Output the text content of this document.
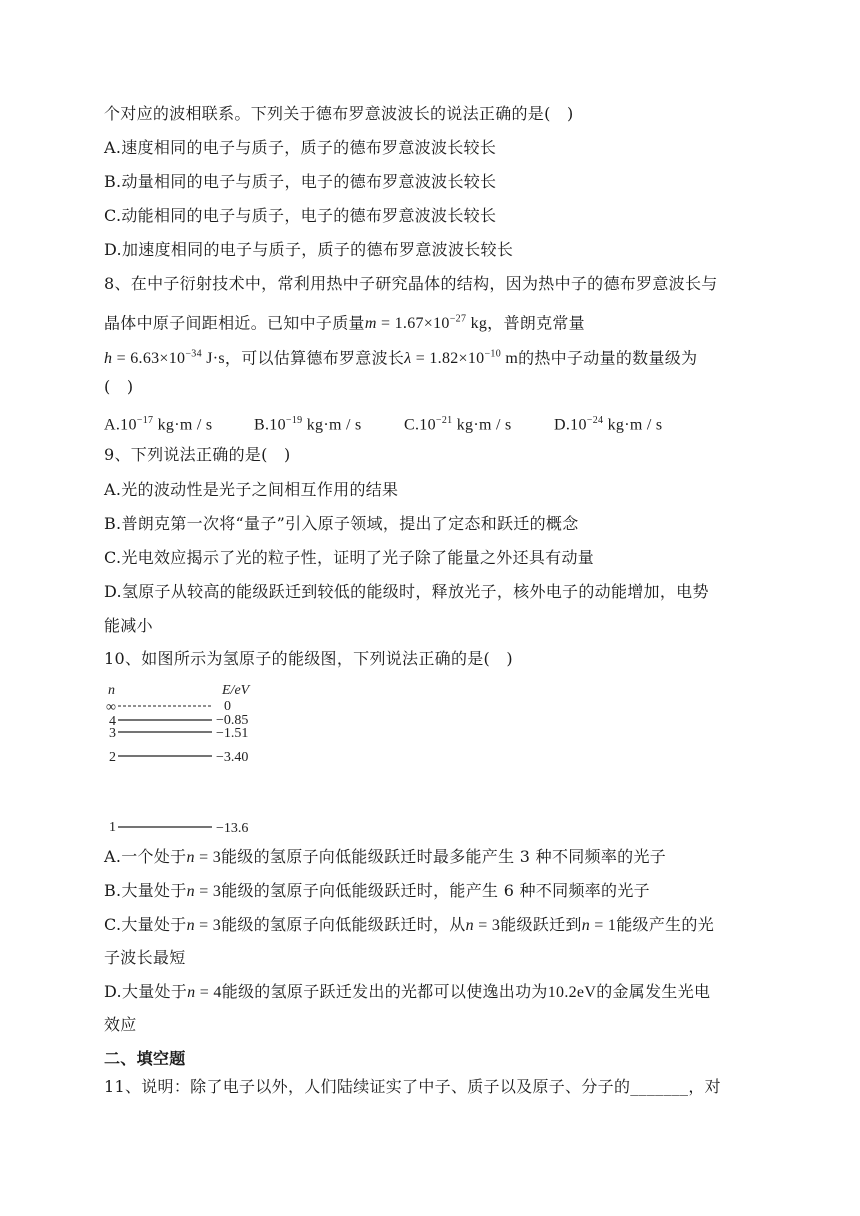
个对应的波相联系。下列关于德布罗意波波长的说法正确的是(　)
A.速度相同的电子与质子，质子的德布罗意波波长较长
B.动量相同的电子与质子，电子的德布罗意波波长较长
C.动能相同的电子与质子，电子的德布罗意波波长较长
D.加速度相同的电子与质子，质子的德布罗意波波长较长
8、在中子衍射技术中，常利用热中子研究晶体的结构，因为热中子的德布罗意波长与
晶体中原子间距相近。已知中子质量$m = 1.67\times 10^{-27}$ kg，普朗克常量
$h = 6.63\times 10^{-34}$ J·s，可以估算德布罗意波长$\lambda = 1.82\times 10^{-10}$ m的热中子动量的数量级为
(　)
$A.10^{-17}$ kg·m / s	$B.10^{-19}$ kg·m / s	$C.10^{-21}$ kg·m / s	$D.10^{-24}$ kg·m / s
9、下列说法正确的是(　)
A.光的波动性是光子之间相互作用的结果
B.普朗克第一次将“量子”引入原子领域，提出了定态和跃迁的概念
C.光电效应揭示了光的粒子性，证明了光子除了能量之外还具有动量
D.氢原子从较高的能级跃迁到较低的能级时，释放光子，核外电子的动能增加，电势
能减小
10、如图所示为氢原子的能级图，下列说法正确的是(　)
n	E/eV
∞	0
4	−0.85
3	−1.51
2	−3.40
1	−13.6
A.一个处于n = 3能级的氢原子向低能级跃迁时最多能产生 3 种不同频率的光子
B.大量处于n = 3能级的氢原子向低能级跃迁时，能产生 6 种不同频率的光子
C.大量处于n = 3能级的氢原子向低能级跃迁时，从n = 3能级跃迁到n = 1能级产生的光
子波长最短
D.大量处于n = 4能级的氢原子跃迁发出的光都可以使逸出功为10.2eV的金属发生光电
效应
二、填空题
11、说明：除了电子以外，人们陆续证实了中子、质子以及原子、分子的_______，对
